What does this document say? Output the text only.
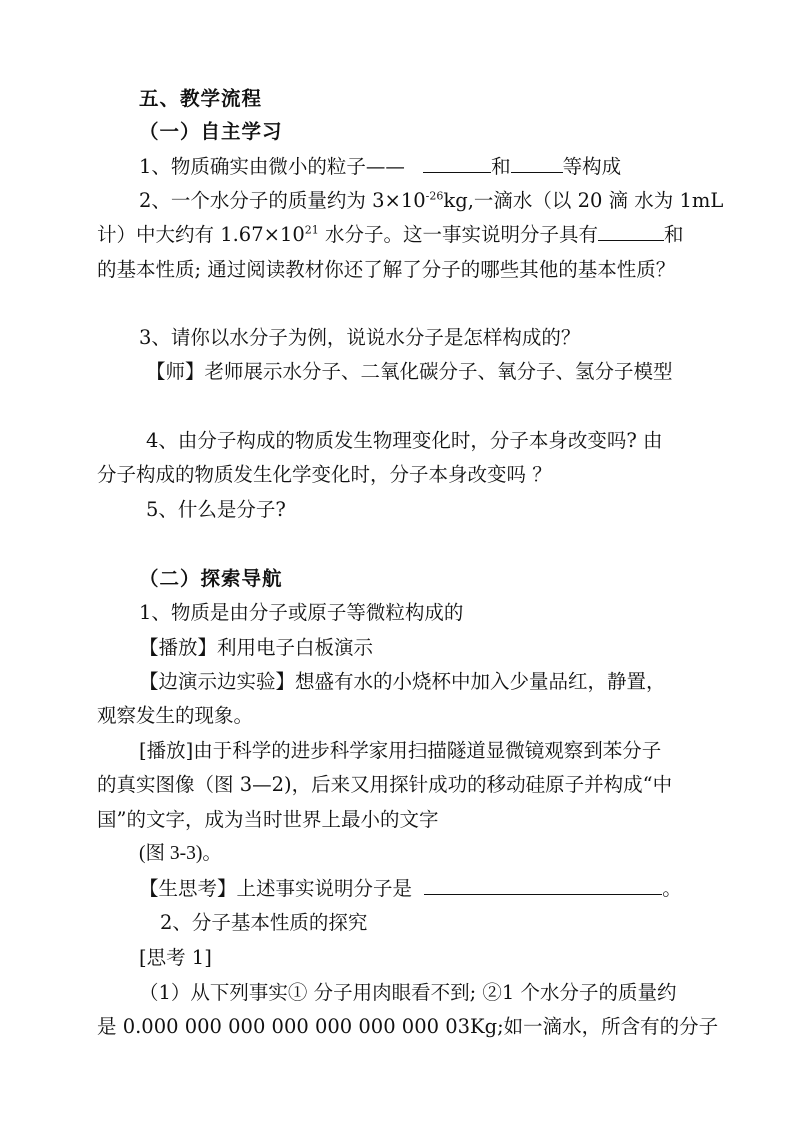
五、教学流程
（一）自主学习
1、物质确实由微小的粒子——	和	等构成
2、一个水分子的质量约为 $3\times 10^{-26}kg$,一滴水（以 20 滴 水为 1mL
计）中大约有 $1.67\times 10^{21}$ 水分子。这一事实说明分子具有	和
的基本性质; 通过阅读教材你还了解了分子的哪些其他的基本性质？
3、请你以水分子为例，说说水分子是怎样构成的？
【师】老师展示水分子、二氧化碳分子、氧分子、氢分子模型
4、由分子构成的物质发生物理变化时，分子本身改变吗? 由
分子构成的物质发生化学变化时，分子本身改变吗 ？
5、什么是分子?
（二）探索导航
1、物质是由分子或原子等微粒构成的
【播放】利用电子白板演示
【边演示边实验】想盛有水的小烧杯中加入少量品红，静置，
观察发生的现象。
[播放]由于科学的进步科学家用扫描隧道显微镜观察到苯分子
的真实图像（图 3—2)，后来又用探针成功的移动硅原子并构成“中
国”的文字，成为当时世界上最小的文字
(图 3-3)。
【生思考】上述事实说明分子是	。
2、分子基本性质的探究
[思考 1]
（1）从下列事实① 分子用肉眼看不到; ②1 个水分子的质量约
是 0.000 000 000 000 000 000 000 03Kg;如一滴水，所含有的分子
